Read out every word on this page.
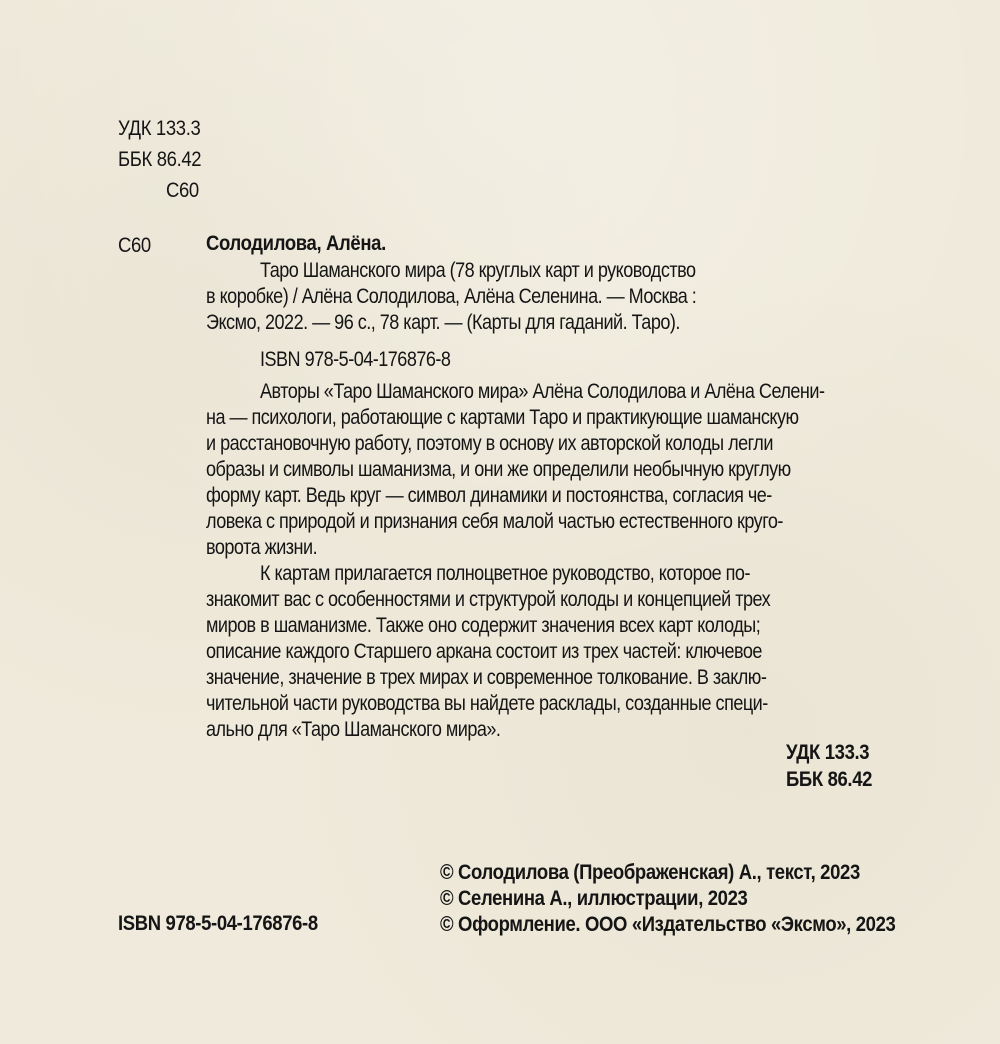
УДК 133.3
ББК 86.42
С60
С60	Солодилова, Алёна.
Таро Шаманского мира (78 круглых карт и руководство
в коробке) / Алёна Солодилова, Алёна Селенина. — Москва :
Эксмо, 2022. — 96 с., 78 карт. — (Карты для гаданий. Таро).
ISBN 978-5-04-176876-8
Авторы «Таро Шаманского мира» Алёна Солодилова и Алёна Селени-
на — психологи, работающие с картами Таро и практикующие шаманскую
и расстановочную работу, поэтому в основу их авторской колоды легли
образы и символы шаманизма, и они же определили необычную круглую
форму карт. Ведь круг — символ динамики и постоянства, согласия че-
ловека с природой и признания себя малой частью естественного круго-
ворота жизни.
К картам прилагается полноцветное руководство, которое по-
знакомит вас с особенностями и структурой колоды и концепцией трех
миров в шаманизме. Также оно содержит значения всех карт колоды;
описание каждого Старшего аркана состоит из трех частей: ключевое
значение, значение в трех мирах и современное толкование. В заклю-
чительной части руководства вы найдете расклады, созданные специ-
ально для «Таро Шаманского мира».
УДК 133.3
ББК 86.42
ISBN 978-5-04-176876-8
© Солодилова (Преображенская) А., текст, 2023
© Селенина А., иллюстрации, 2023
© Оформление. ООО «Издательство «Эксмо», 2023
